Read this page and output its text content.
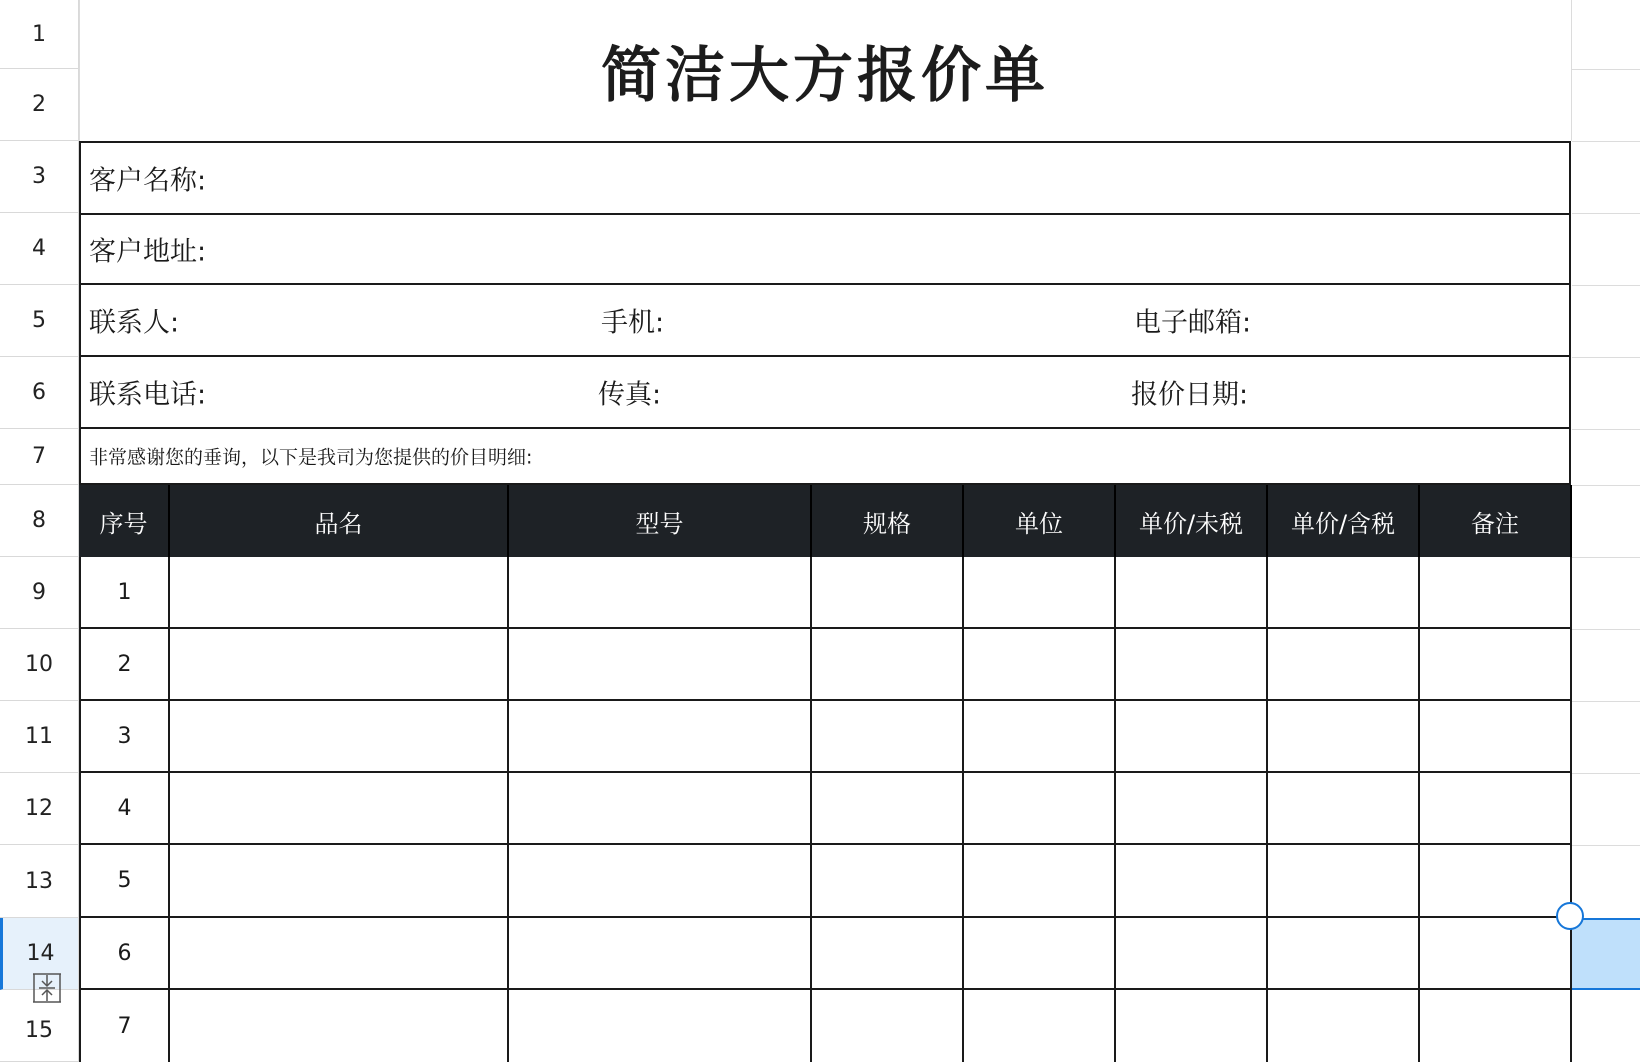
1
2
3
4
5
6
7
8
9
10
11
12
13
14
15
简洁大方报价单
客户名称:
客户地址:
联系人:	手机:	电子邮箱:
联系电话:	传真:	报价日期:
非常感谢您的垂询，以下是我司为您提供的价目明细:
序号	品名	型号	规格	单位	单价/未税	单价/含税	备注
1
2
3
4
5
6
7
